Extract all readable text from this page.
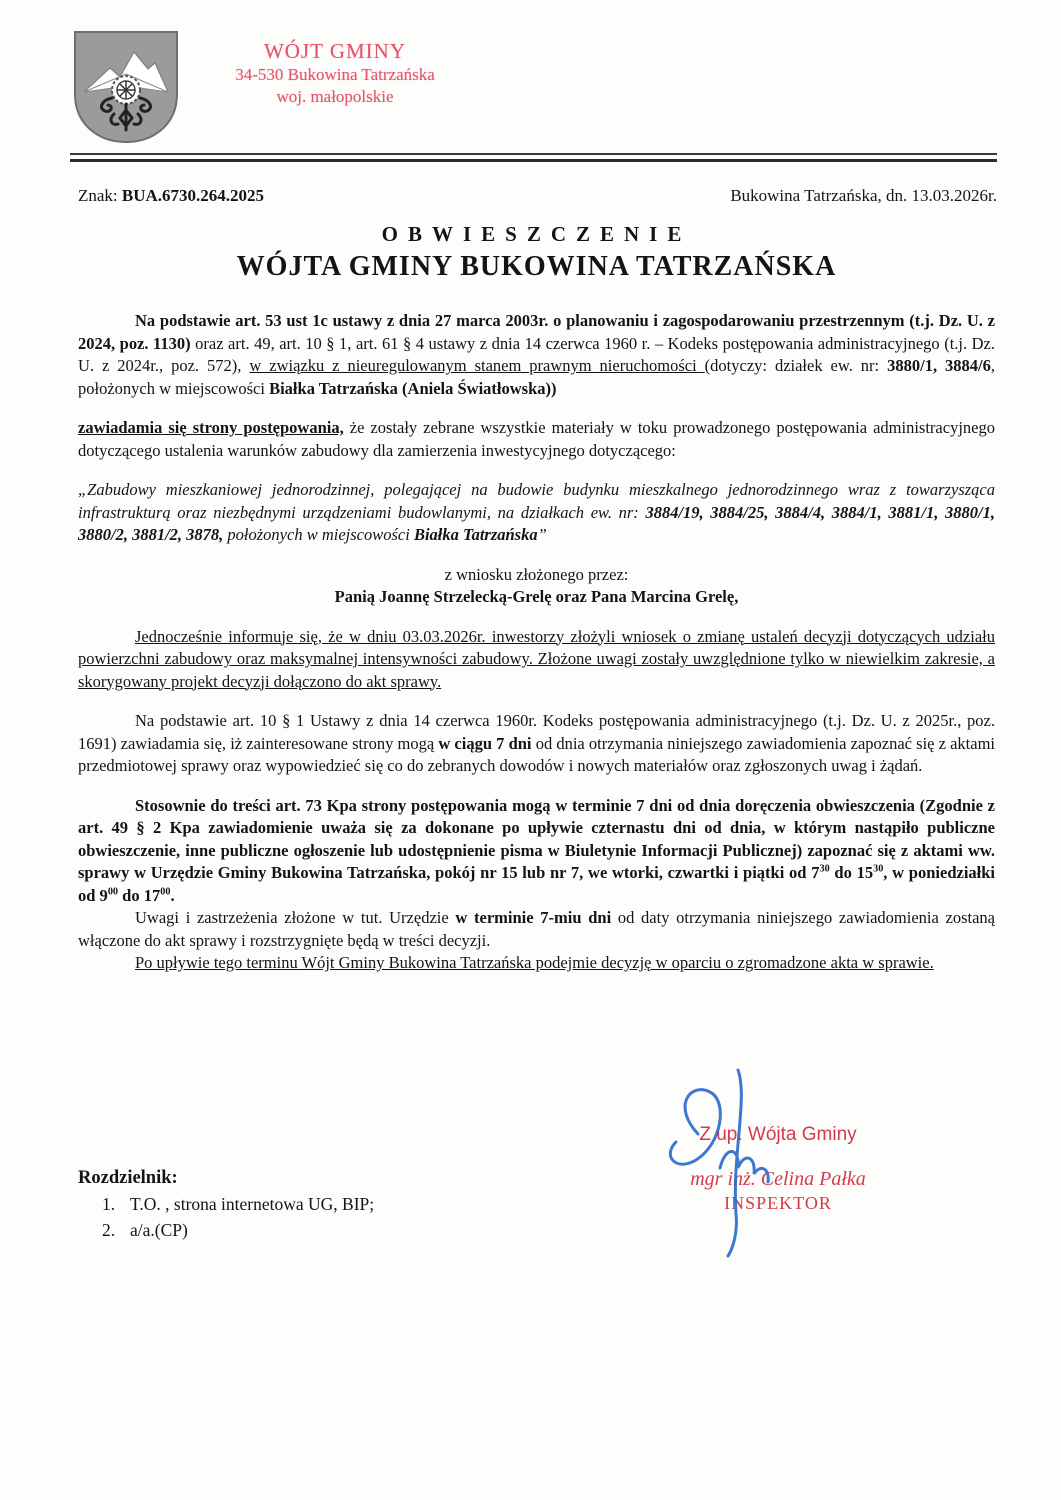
WÓJT GMINY
34-530 Bukowina Tatrzańska
woj. małopolskie
Znak: BUA.6730.264.2025	Bukowina Tatrzańska, dn. 13.03.2026r.
OBWIESZCZENIE
WÓJTA GMINY BUKOWINA TATRZAŃSKA

Na podstawie art. 53 ust 1c ustawy z dnia 27 marca 2003r. o planowaniu i zagospodarowaniu przestrzennym (t.j. Dz. U. z 2024, poz. 1130) oraz art. 49, art. 10 § 1, art. 61 § 4 ustawy z dnia 14 czerwca 1960 r. – Kodeks postępowania administracyjnego (t.j. Dz. U. z 2024r., poz. 572), w związku z nieuregulowanym stanem prawnym nieruchomości (dotyczy: działek ew. nr: 3880/1, 3884/6, położonych w miejscowości Białka Tatrzańska (Aniela Światłowska))

zawiadamia się strony postępowania, że zostały zebrane wszystkie materiały w toku prowadzonego postępowania administracyjnego dotyczącego ustalenia warunków zabudowy dla zamierzenia inwestycyjnego dotyczącego:

„Zabudowy mieszkaniowej jednorodzinnej, polegającej na budowie budynku mieszkalnego jednorodzinnego wraz z towarzysząca infrastrukturą oraz niezbędnymi urządzeniami budowlanymi, na działkach ew. nr: 3884/19, 3884/25, 3884/4, 3884/1, 3881/1, 3880/1, 3880/2, 3881/2, 3878, położonych w miejscowości Białka Tatrzańska”

z wniosku złożonego przez:

Panią Joannę Strzelecką-Grelę oraz Pana Marcina Grelę,

Jednocześnie informuje się, że w dniu 03.03.2026r. inwestorzy złożyli wniosek o zmianę ustaleń decyzji dotyczących udziału powierzchni zabudowy oraz maksymalnej intensywności zabudowy. Złożone uwagi zostały uwzględnione tylko w niewielkim zakresie, a skorygowany projekt decyzji dołączono do akt sprawy.

Na podstawie art. 10 § 1 Ustawy z dnia 14 czerwca 1960r. Kodeks postępowania administracyjnego (t.j. Dz. U. z 2025r., poz. 1691) zawiadamia się, iż zainteresowane strony mogą w ciągu 7 dni od dnia otrzymania niniejszego zawiadomienia zapoznać się z aktami przedmiotowej sprawy oraz wypowiedzieć się co do zebranych dowodów i nowych materiałów oraz zgłoszonych uwag i żądań.

Stosownie do treści art. 73 Kpa strony postępowania mogą w terminie 7 dni od dnia doręczenia obwieszczenia (Zgodnie z art. 49 § 2 Kpa zawiadomienie uważa się za dokonane po upływie czternastu dni od dnia, w którym nastąpiło publiczne obwieszczenie, inne publiczne ogłoszenie lub udostępnienie pisma w Biuletynie Informacji Publicznej) zapoznać się z aktami ww. sprawy w Urzędzie Gminy Bukowina Tatrzańska, pokój nr 15 lub nr 7, we wtorki, czwartki i piątki od $7^{30}$ do $15^{30}$, w poniedziałki od $9^{00}$ do $17^{00}$.

Uwagi i zastrzeżenia złożone w tut. Urzędzie w terminie 7-miu dni od daty otrzymania niniejszego zawiadomienia zostaną włączone do akt sprawy i rozstrzygnięte będą w treści decyzji.

Po upływie tego terminu Wójt Gminy Bukowina Tatrzańska podejmie decyzję w oparciu o zgromadzone akta w sprawie.

Z up. Wójta Gminy
mgr inż. Celina Pałka
INSPEKTOR
Rozdzielnik:
1. T.O. , strona internetowa UG, BIP;
2. a/a.(CP)
